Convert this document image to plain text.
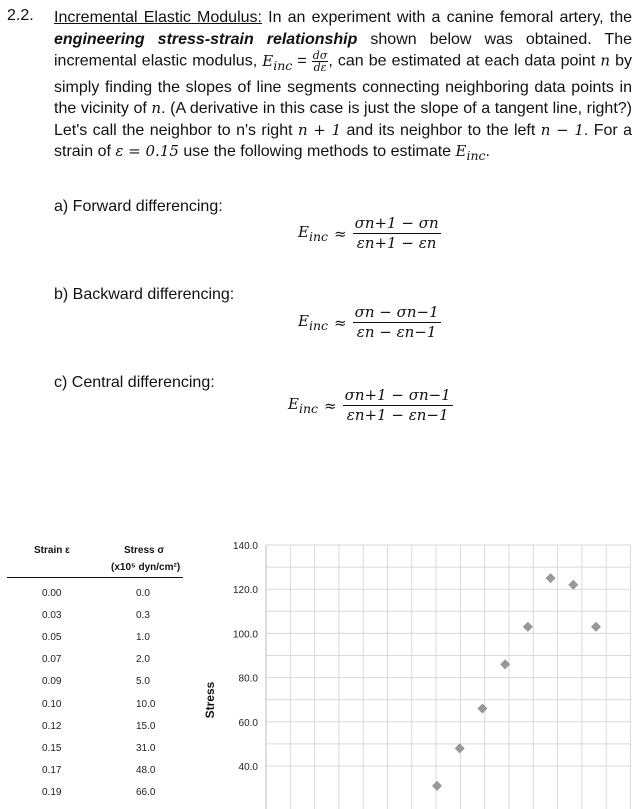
2.2. Incremental Elastic Modulus: In an experiment with a canine femoral artery, the engineering stress-strain relationship shown below was obtained. The incremental elastic modulus, $E_{inc} = \frac{d\sigma}{d\varepsilon}$ , can be estimated at each data point n by simply finding the slopes of line segments connecting neighboring data points in the vicinity of n. (A derivative in this case is just the slope of a tangent line, right?) Let's call the neighbor to n's right n + 1 and its neighbor to the left n − 1. For a strain of ε = 0.15 use the following methods to estimate $E_{inc}$.
a) Forward differencing:
$E_{inc} \approx \frac{\sigma n+1 - \sigma n}{\varepsilon n+1 - \varepsilon n}$
b) Backward differencing:
$E_{inc} \approx \frac{\sigma n - \sigma n-1}{\varepsilon n - \varepsilon n-1}$
c) Central differencing:
$E_{inc} \approx \frac{\sigma n+1 - \sigma n-1}{\varepsilon n+1 - \varepsilon n-1}$
Strain ε	Stress σ
(x10⁵ dyn/cm²)
0.00	0.0
0.03	0.3
0.05	1.0
0.07	2.0
0.09	5.0
0.10	10.0
0.12	15.0
0.15	31.0
0.17	48.0
0.19	66.0
40.0
60.0
80.0
100.0
120.0
140.0
Stress
